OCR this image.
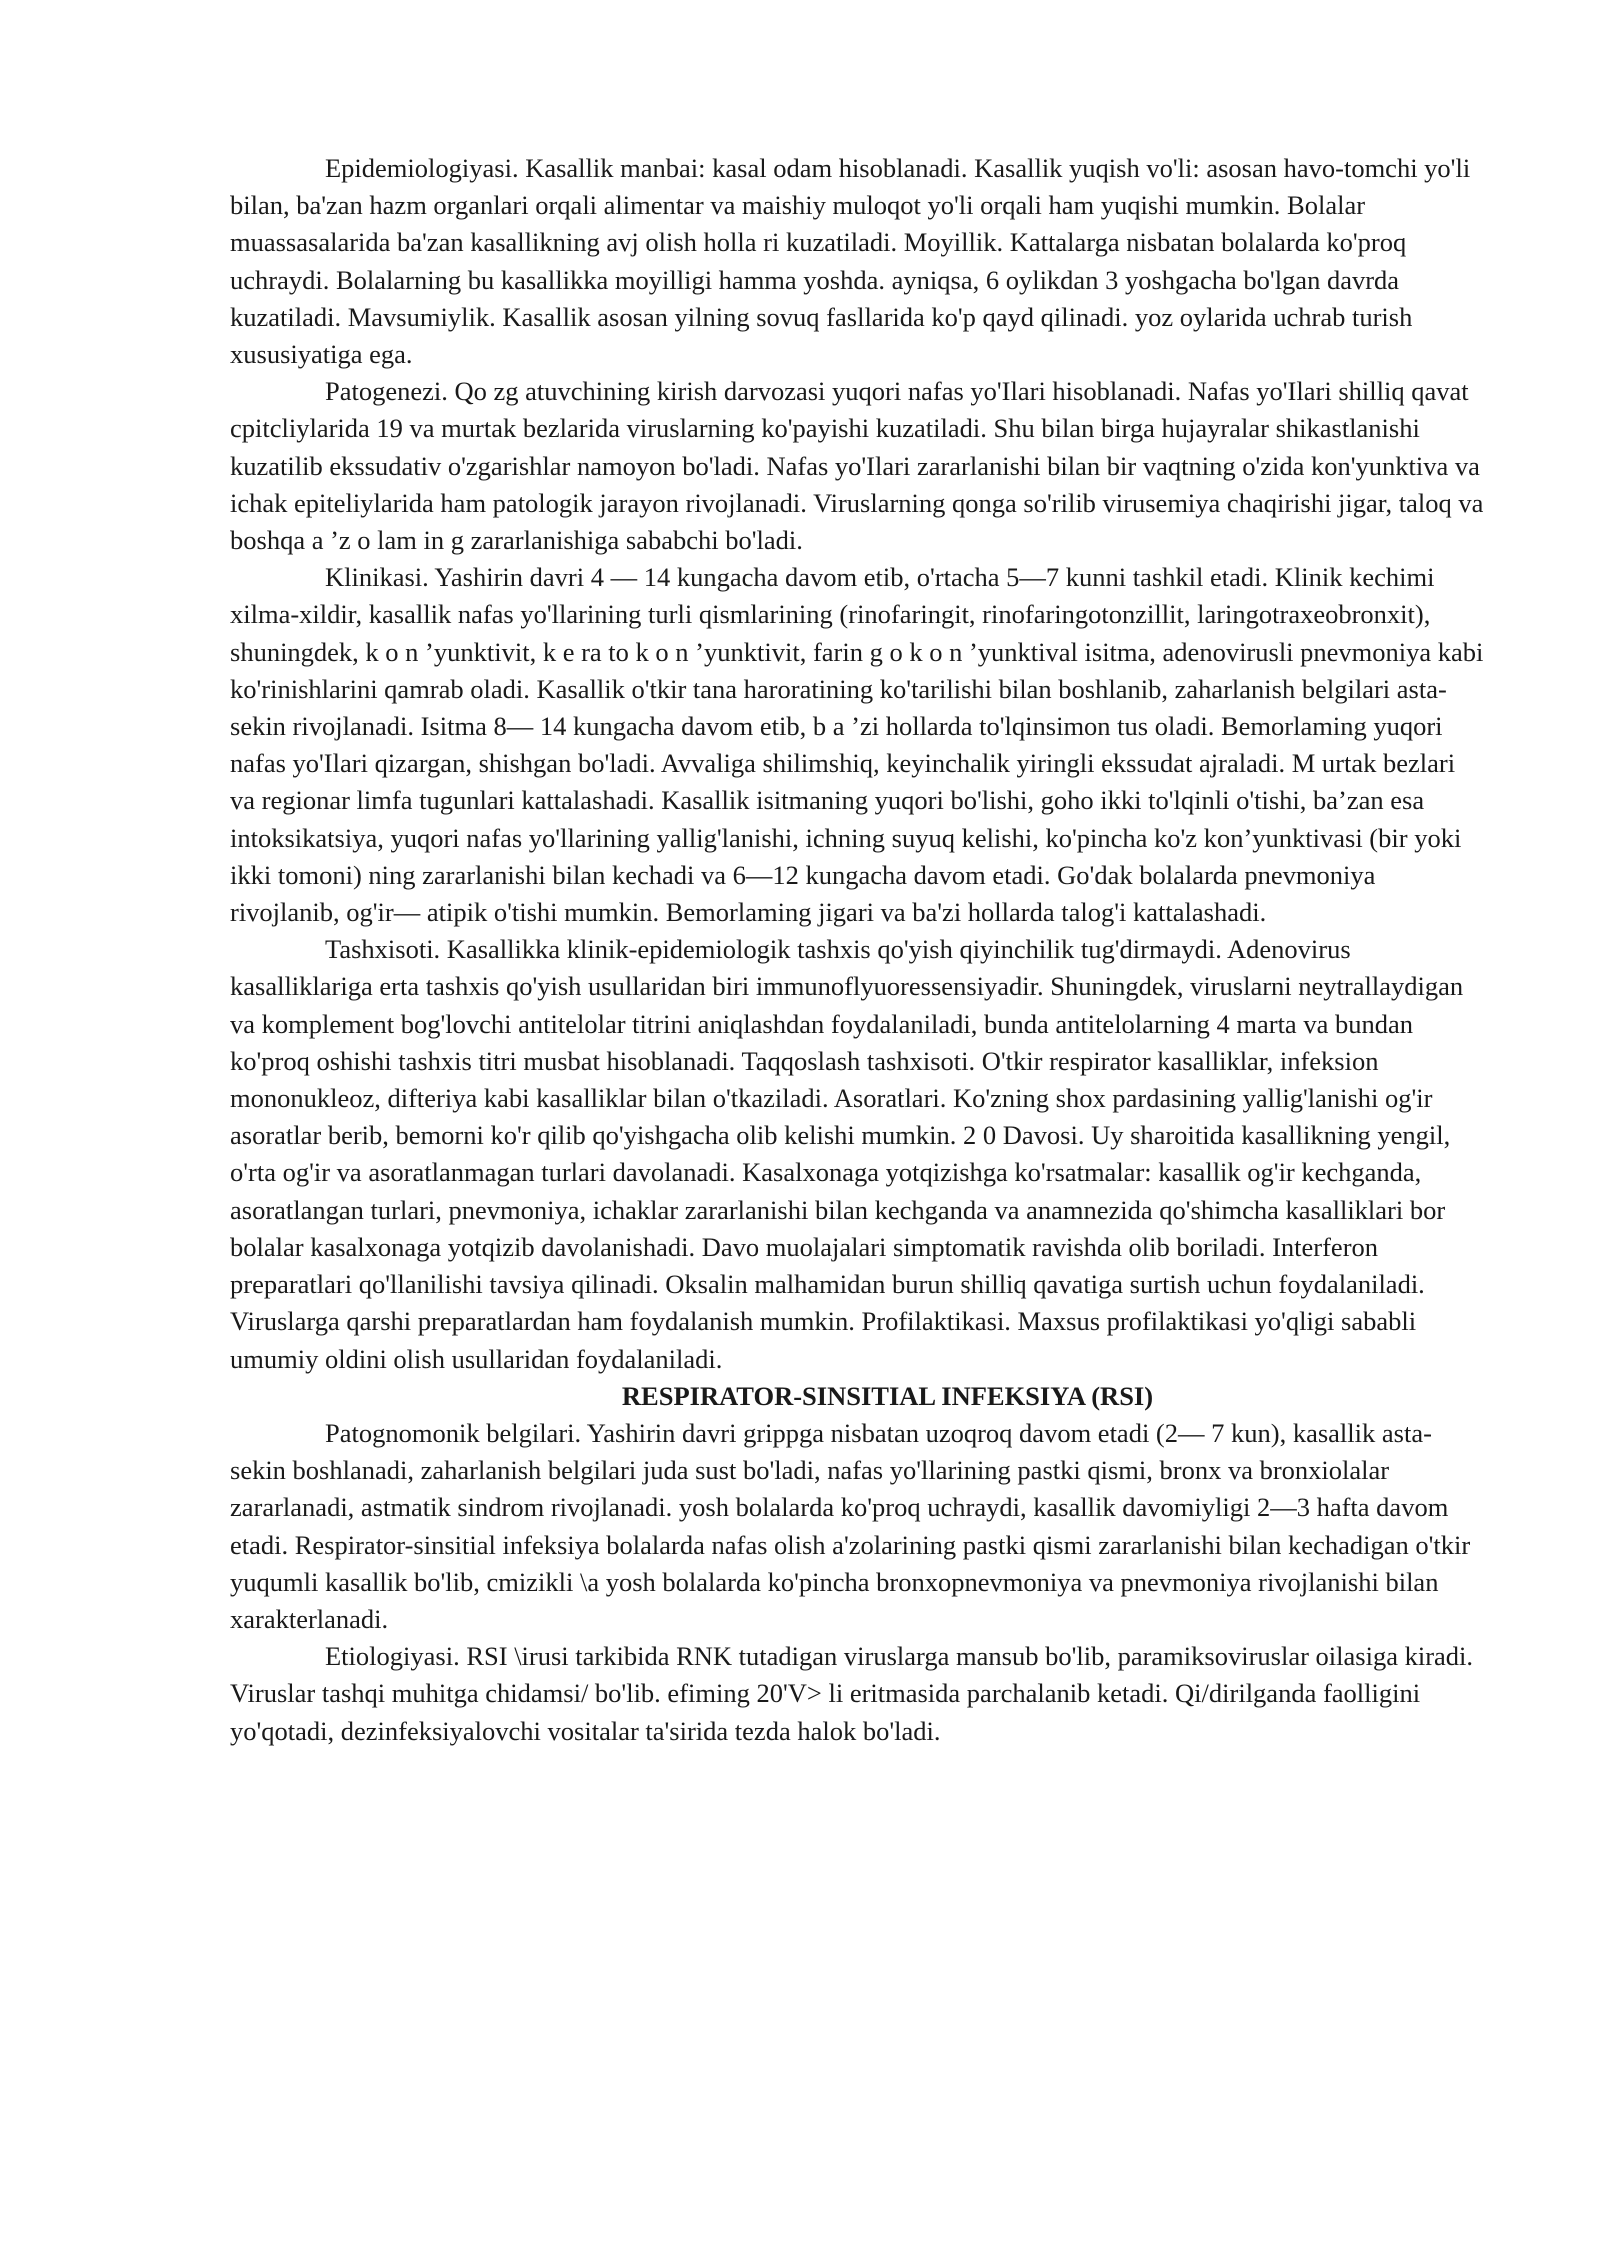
Epidemiologiyasi. Kasallik manbai: kasal odam hisoblanadi. Kasallik yuqish vo'li: asosan havo-tomchi yo'li bilan, ba'zan hazm organlari orqali alimentar va maishiy muloqot yo'li orqali ham yuqishi mumkin. Bolalar muassasalarida ba'zan kasallikning avj olish holla ri kuzatiladi. Moyillik. Kattalarga nisbatan bolalarda ko'proq uchraydi. Bolalarning bu kasallikka moyilligi hamma yoshda. ayniqsa, 6 oylikdan 3 yoshgacha bo'lgan davrda kuzatiladi. Mavsumiylik. Kasallik asosan yilning sovuq fasllarida ko'p qayd qilinadi. yoz oylarida uchrab turish xususiyatiga ega.

Patogenezi. Qo zg atuvchining kirish darvozasi yuqori nafas yo'Ilari hisoblanadi. Nafas yo'Ilari shilliq qavat cpitcliylarida 19 va murtak bezlarida viruslarning ko'payishi kuzatiladi. Shu bilan birga hujayralar shikastlanishi kuzatilib ekssudativ o'zgarishlar namoyon bo'ladi. Nafas yo'Ilari zararlanishi bilan bir vaqtning o'zida kon'yunktiva va ichak epiteliylarida ham patologik jarayon rivojlanadi. Viruslarning qonga so'rilib virusemiya chaqirishi jigar, taloq va boshqa a ’z o lam in g zararlanishiga sababchi bo'ladi.

Klinikasi. Yashirin davri 4 — 14 kungacha davom etib, o'rtacha 5—7 kunni tashkil etadi. Klinik kechimi xilma-xildir, kasallik nafas yo'llarining turli qismlarining (rinofaringit, rinofaringotonzillit, laringotraxeobronxit), shuningdek, k o n ’yunktivit, k e ra to k o n ’yunktivit, farin g o k o n ’yunktival isitma, adenovirusli pnevmoniya kabi ko'rinishlarini qamrab oladi. Kasallik o'tkir tana haroratining ko'tarilishi bilan boshlanib, zaharlanish belgilari asta-sekin rivojlanadi. Isitma 8— 14 kungacha davom etib, b a ’zi hollarda to'lqinsimon tus oladi. Bemorlaming yuqori nafas yo'Ilari qizargan, shishgan bo'ladi. Avvaliga shilimshiq, keyinchalik yiringli ekssudat ajraladi. M urtak bezlari va regionar limfa tugunlari kattalashadi. Kasallik isitmaning yuqori bo'lishi, goho ikki to'lqinli o'tishi, ba’zan esa intoksikatsiya, yuqori nafas yo'llarining yallig'lanishi, ichning suyuq kelishi, ko'pincha ko'z kon’yunktivasi (bir yoki ikki tomoni) ning zararlanishi bilan kechadi va 6—12 kungacha davom etadi. Go'dak bolalarda pnevmoniya rivojlanib, og'ir— atipik o'tishi mumkin. Bemorlaming jigari va ba'zi hollarda talog'i kattalashadi.

Tashxisoti. Kasallikka klinik-epidemiologik tashxis qo'yish qiyinchilik tug'dirmaydi. Adenovirus kasalliklariga erta tashxis qo'yish usullaridan biri immunoflyuoressensiyadir. Shuningdek, viruslarni neytrallaydigan va komplement bog'lovchi antitelolar titrini aniqlashdan foydalaniladi, bunda antitelolarning 4 marta va bundan ko'proq oshishi tashxis titri musbat hisoblanadi. Taqqoslash tashxisoti. O'tkir respirator kasalliklar, infeksion mononukleoz, difteriya kabi kasalliklar bilan o'tkaziladi. Asoratlari. Ko'zning shox pardasining yallig'lanishi og'ir asoratlar berib, bemorni ko'r qilib qo'yishgacha olib kelishi mumkin. 2 0 Davosi. Uy sharoitida kasallikning yengil, o'rta og'ir va asoratlanmagan turlari davolanadi. Kasalxonaga yotqizishga ko'rsatmalar: kasallik og'ir kechganda, asoratlangan turlari, pnevmoniya, ichaklar zararlanishi bilan kechganda va anamnezida qo'shimcha kasalliklari bor bolalar kasalxonaga yotqizib davolanishadi. Davo muolajalari simptomatik ravishda olib boriladi. Interferon preparatlari qo'llanilishi tavsiya qilinadi. Oksalin malhamidan burun shilliq qavatiga surtish uchun foydalaniladi. Viruslarga qarshi preparatlardan ham foydalanish mumkin. Profilaktikasi. Maxsus profilaktikasi yo'qligi sababli umumiy oldini olish usullaridan foydalaniladi.

RESPIRATOR-SINSITIAL INFEKSIYA (RSI)

Patognomonik belgilari. Yashirin davri grippga nisbatan uzoqroq davom etadi (2— 7 kun), kasallik asta-sekin boshlanadi, zaharlanish belgilari juda sust bo'ladi, nafas yo'llarining pastki qismi, bronx va bronxiolalar zararlanadi, astmatik sindrom rivojlanadi. yosh bolalarda ko'proq uchraydi, kasallik davomiyligi 2—3 hafta davom etadi. Respirator-sinsitial infeksiya bolalarda nafas olish a'zolarining pastki qismi zararlanishi bilan kechadigan o'tkir yuqumli kasallik bo'lib, cmizikli \a yosh bolalarda ko'pincha bronxopnevmoniya va pnevmoniya rivojlanishi bilan xarakterlanadi.

Etiologiyasi. RSI \irusi tarkibida RNK tutadigan viruslarga mansub bo'lib, paramiksoviruslar oilasiga kiradi. Viruslar tashqi muhitga chidamsi/ bo'lib. efiming 20'V> li eritmasida parchalanib ketadi. Qi/dirilganda faolligini yo'qotadi, dezinfeksiyalovchi vositalar ta'sirida tezda halok bo'ladi.
